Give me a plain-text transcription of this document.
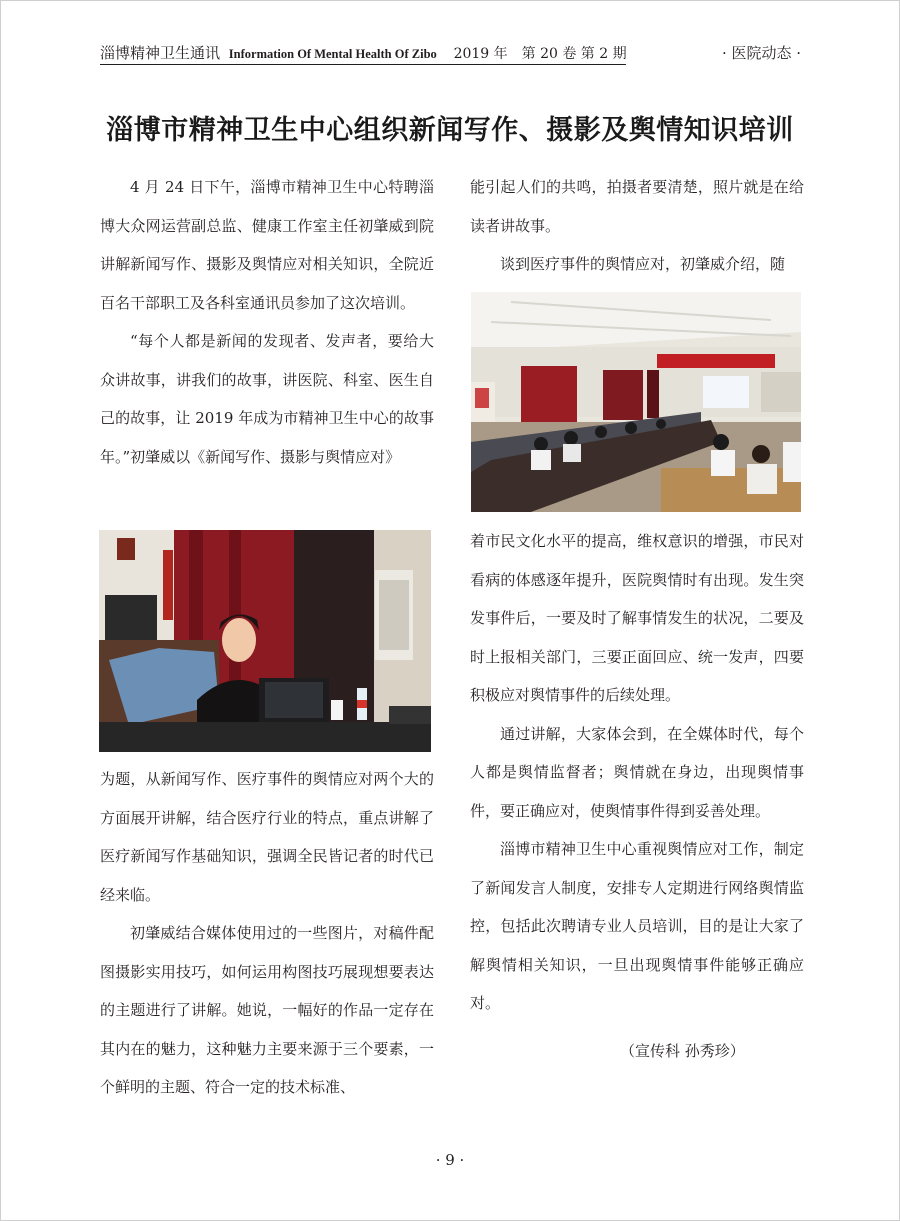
淄博精神卫生通讯 Information Of Mental Health Of Zibo 2019 年　第 20 卷 第 2 期	· 医院动态 ·
淄博市精神卫生中心组织新闻写作、摄影及舆情知识培训

4 月 24 日下午，淄博市精神卫生中心特聘淄博大众网运营副总监、健康工作室主任初肇威到院讲解新闻写作、摄影及舆情应对相关知识，全院近百名干部职工及各科室通讯员参加了这次培训。

“每个人都是新闻的发现者、发声者，要给大众讲故事，讲我们的故事，讲医院、科室、医生自己的故事，让 2019 年成为市精神卫生中心的故事年。”初肇威以《新闻写作、摄影与舆情应对》

为题，从新闻写作、医疗事件的舆情应对两个大的方面展开讲解，结合医疗行业的特点，重点讲解了医疗新闻写作基础知识，强调全民皆记者的时代已经来临。

初肇威结合媒体使用过的一些图片，对稿件配图摄影实用技巧，如何运用构图技巧展现想要表达的主题进行了讲解。她说，一幅好的作品一定存在其内在的魅力，这种魅力主要来源于三个要素，一个鲜明的主题、符合一定的技术标准、

能引起人们的共鸣，拍摄者要清楚，照片就是在给读者讲故事。

谈到医疗事件的舆情应对，初肇威介绍，随

着市民文化水平的提高，维权意识的增强，市民对看病的体感逐年提升，医院舆情时有出现。发生突发事件后，一要及时了解事情发生的状况，二要及时上报相关部门，三要正面回应、统一发声，四要积极应对舆情事件的后续处理。

通过讲解，大家体会到，在全媒体时代，每个人都是舆情监督者；舆情就在身边，出现舆情事件，要正确应对，使舆情事件得到妥善处理。

淄博市精神卫生中心重视舆情应对工作，制定了新闻发言人制度，安排专人定期进行网络舆情监控，包括此次聘请专业人员培训，目的是让大家了解舆情相关知识，一旦出现舆情事件能够正确应对。

（宣传科 孙秀珍）
· 9 ·
